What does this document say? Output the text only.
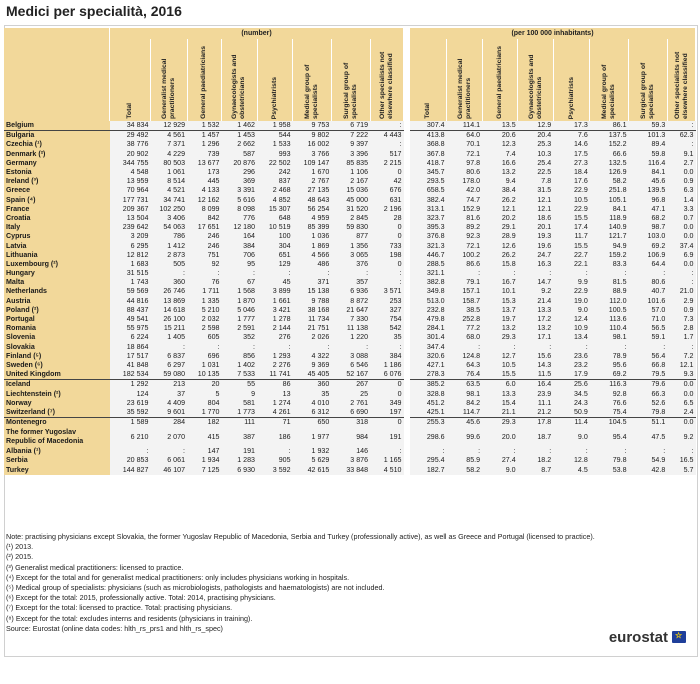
Medici per specialità, 2016
	(number)									(per 100 000 inhabitants)							
	Total	Generalist medical practitioners	General paediatricians	Gynaecologists and obstetricians	Psychiatrists	Medical group of specialists	Surgical group of specialists	Other specialists not elsewhere classified		Total	Generalist medical practitioners	General paediatricians	Gynaecologists and obstetricians	Psychiatrists	Medical group of specialists	Surgical group of specialists	Other specialists not elsewhere classified
Belgium	34 834	12 929	1 532	1 462	1 958	9 753	6 719	:		307.4	114.1	13.5	12.9	17.3	86.1	59.3	:
Bulgaria	29 492	4 561	1 457	1 453	544	9 802	7 222	4 443		413.8	64.0	20.6	20.4	7.6	137.5	101.3	62.3
Czechia (¹)	38 776	7 371	1 296	2 662	1 533	16 002	9 397	:		368.8	70.1	12.3	25.3	14.6	152.2	89.4	:
Denmark (²)	20 902	4 229	739	587	993	3 766	3 396	517		367.8	72.1	7.4	10.3	17.5	66.6	59.8	9.1
Germany	344 755	80 503	13 677	20 876	22 502	109 147	85 835	2 215		418.7	97.8	16.6	25.4	27.3	132.5	116.4	2.7
Estonia	4 548	1 061	173	296	242	1 670	1 106	0		345.7	80.6	13.2	22.5	18.4	126.9	84.1	0.0
Ireland (³)	13 959	8 514	445	369	837	2 767	2 167	42		293.5	178.0	9.4	7.8	17.6	58.2	45.6	0.9
Greece	70 964	4 521	4 133	3 391	2 468	27 135	15 036	676		658.5	42.0	38.4	31.5	22.9	251.8	139.5	6.3
Spain (⁴)	177 731	34 741	12 162	5 616	4 852	48 643	45 000	631		382.4	74.7	26.2	12.1	10.5	105.1	96.8	1.4
France	209 367	102 250	8 099	8 098	15 307	56 254	31 520	2 196		313.1	152.9	12.1	12.1	22.9	84.1	47.1	3.3
Croatia	13 504	3 406	842	776	648	4 959	2 845	28		323.7	81.6	20.2	18.6	15.5	118.9	68.2	0.7
Italy	239 642	54 063	17 651	12 180	10 519	85 399	59 830	0		395.3	89.2	29.1	20.1	17.4	140.9	98.7	0.0
Cyprus	3 209	786	246	164	100	1 036	877	0		376.8	92.3	28.9	19.3	11.7	121.7	103.0	0.0
Latvia	6 295	1 412	246	384	304	1 869	1 356	733		321.3	72.1	12.6	19.6	15.5	94.9	69.2	37.4
Lithuania	12 812	2 873	751	706	651	4 566	3 065	198		446.7	100.2	26.2	24.7	22.7	159.2	106.9	6.9
Luxembourg (²)	1 683	505	92	95	129	486	376	0		288.5	86.6	15.8	16.3	22.1	83.3	64.4	0.0
Hungary	31 515	:	:	:	:	:	:	:		321.1	:	:	:	:	:	:	:
Malta	1 743	360	76	67	45	371	357	:		382.8	79.1	16.7	14.7	9.9	81.5	80.6	:
Netherlands	59 569	26 746	1 711	1 568	3 899	15 138	6 936	3 571		349.8	157.1	10.1	9.2	22.9	88.9	40.7	21.0
Austria	44 816	13 869	1 335	1 870	1 661	9 788	8 872	253		513.0	158.7	15.3	21.4	19.0	112.0	101.6	2.9
Poland (²)	88 437	14 618	5 210	5 046	3 421	38 168	21 647	327		232.8	38.5	13.7	13.3	9.0	100.5	57.0	0.9
Portugal	49 541	26 100	2 032	1 777	1 278	11 734	7 330	754		479.8	252.8	19.7	17.2	12.4	113.6	71.0	7.3
Romania	55 975	15 211	2 598	2 591	2 144	21 751	11 138	542		284.1	77.2	13.2	13.2	10.9	110.4	56.5	2.8
Slovenia	6 224	1 405	605	352	276	2 026	1 220	35		301.4	68.0	29.3	17.1	13.4	98.1	59.1	1.7
Slovakia	18 864	:	:	:	:	:	:	:		347.4	:	:	:	:	:	:	:
Finland (⁵)	17 517	6 837	696	856	1 293	4 322	3 088	384		320.6	124.8	12.7	15.6	23.6	78.9	56.4	7.2
Sweden (⁶)	41 848	6 297	1 031	1 402	2 276	9 369	6 546	1 186		427.1	64.3	10.5	14.3	23.2	95.6	66.8	12.1
United Kingdom	182 534	59 080	10 135	7 533	11 741	45 405	52 167	6 076		278.3	76.4	15.5	11.5	17.9	69.2	79.5	9.3
Iceland	1 292	213	20	55	86	360	267	0		385.2	63.5	6.0	16.4	25.6	116.3	79.6	0.0
Liechtenstein (²)	124	37	5	9	13	35	25	0		328.8	98.1	13.3	23.9	34.5	92.8	66.3	0.0
Norway	23 619	4 409	804	581	1 274	4 010	2 761	349		451.2	84.2	15.4	11.1	24.3	76.6	52.6	6.5
Switzerland (⁷)	35 592	9 601	1 770	1 773	4 261	6 312	6 690	197		425.1	114.7	21.1	21.2	50.9	75.4	79.8	2.4
Montenegro	1 589	284	182	111	71	650	318	0		255.3	45.6	29.3	17.8	11.4	104.5	51.1	0.0
The former Yugoslav Republic of Macedonia	6 210	2 070	415	387	186	1 977	984	191		298.6	99.6	20.0	18.7	9.0	95.4	47.5	9.2
Albania (¹)	:	:	147	191	:	1 932	146	:		:	:	:	:	:	:	:	:
Serbia	20 853	6 061	1 934	1 283	905	5 629	3 876	1 165		295.4	85.9	27.4	18.2	12.8	79.8	54.9	16.5
Turkey	144 827	46 107	7 125	6 930	3 592	42 615	33 848	4 510		182.7	58.2	9.0	8.7	4.5	53.8	42.8	5.7

Note: practising physicians except Slovakia, the former Yugoslav Republic of Macedonia, Serbia and Turkey (professionally active), as well as Greece and Portugal (licensed to practice).

(¹) 2013.

(²) 2015.

(³) Generalist medical practitioners: licensed to practice.

(⁴) Except for the total and for generalist medical practitioners: only includes physicians working in hospitals.

(⁵) Medical group of specialists: physicians (such as microbiologists, pathologists and haematologists) are not included.

(⁶) Except for the total: 2015, professionally active. Total: 2014, practising physicians.

(⁷) Except for the total: licensed to practice. Total: practising physicians.

(⁸) Except for the total: excludes interns and residents (physicians in training).

Source: Eurostat (online data codes: hlth_rs_prs1 and hlth_rs_spec)

eurostat☆
